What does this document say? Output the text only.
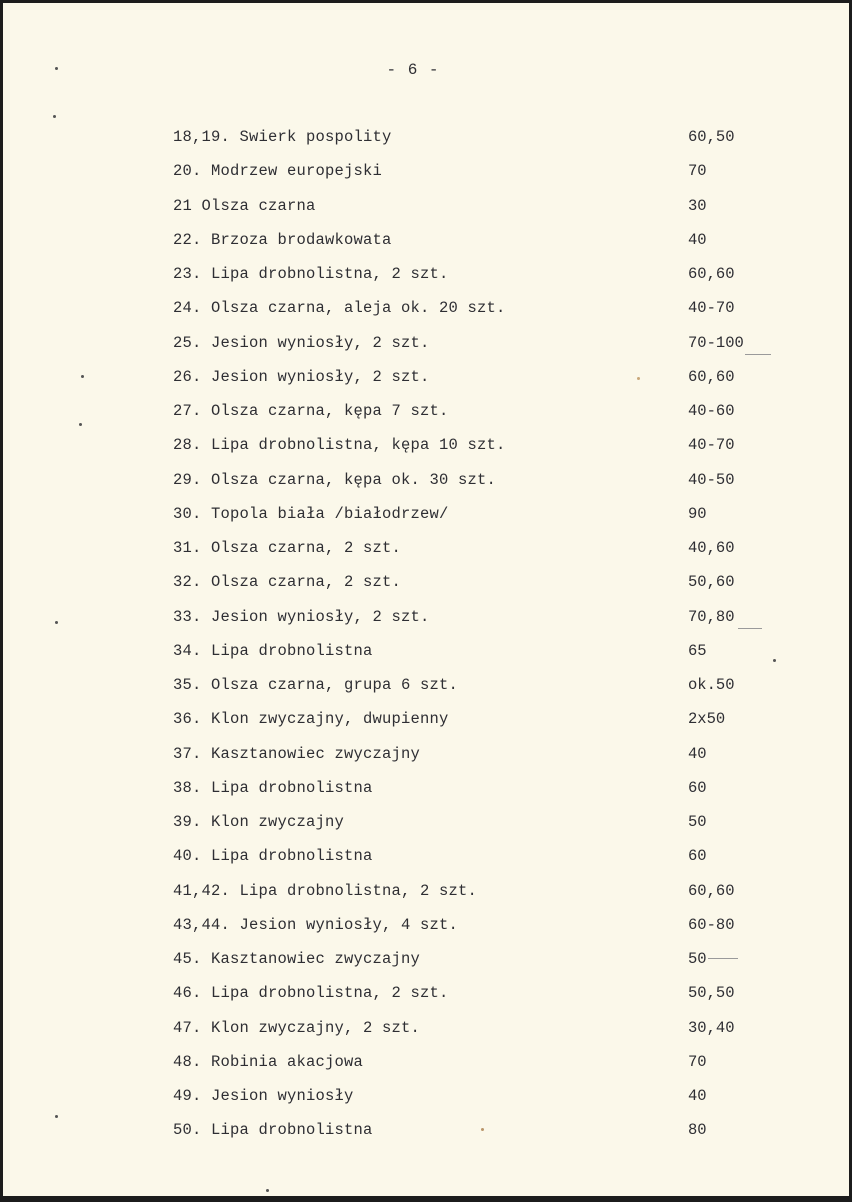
- 6 -
18,19. Swierk pospolity	60,50
20. Modrzew europejski	70
21 Olsza czarna	30
22. Brzoza brodawkowata	40
23. Lipa drobnolistna, 2 szt.	60,60
24. Olsza czarna, aleja ok. 20 szt.	40-70
25. Jesion wyniosły, 2 szt.	70-100
26. Jesion wyniosły, 2 szt.	60,60
27. Olsza czarna, kępa 7 szt.	40-60
28. Lipa drobnolistna, kępa 10 szt.	40-70
29. Olsza czarna, kępa ok. 30 szt.	40-50
30. Topola biała /białodrzew/	90
31. Olsza czarna, 2 szt.	40,60
32. Olsza czarna, 2 szt.	50,60
33. Jesion wyniosły, 2 szt.	70,80
34. Lipa drobnolistna	65
35. Olsza czarna, grupa 6 szt.	ok.50
36. Klon zwyczajny, dwupienny	2x50
37. Kasztanowiec zwyczajny	40
38. Lipa drobnolistna	60
39. Klon zwyczajny	50
40. Lipa drobnolistna	60
41,42. Lipa drobnolistna, 2 szt.	60,60
43,44. Jesion wyniosły, 4 szt.	60-80
45. Kasztanowiec zwyczajny	50
46. Lipa drobnolistna, 2 szt.	50,50
47. Klon zwyczajny, 2 szt.	30,40
48. Robinia akacjowa	70
49. Jesion wyniosły	40
50. Lipa drobnolistna	80
